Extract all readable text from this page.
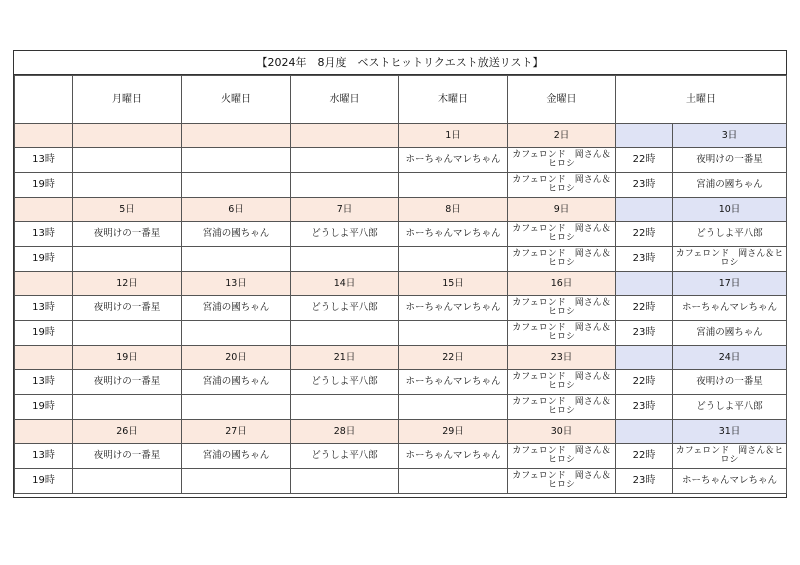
【2024年　8月度　ベストヒットリクエスト放送リスト】
	月曜日	火曜日	水曜日	木曜日	金曜日	土曜日	
				1日	2日		3日
13時				ホーちゃんマレちゃん	カフェロンド　岡さん＆ヒロシ	22時	夜明けの一番星
19時					カフェロンド　岡さん＆ヒロシ	23時	宮浦の國ちゃん
	5日	6日	7日	8日	9日		10日
13時	夜明けの一番星	宮浦の國ちゃん	どうしよ平八郎	ホーちゃんマレちゃん	カフェロンド　岡さん＆ヒロシ	22時	どうしよ平八郎
19時					カフェロンド　岡さん＆ヒロシ	23時	カフェロンド　岡さん＆ヒロシ
	12日	13日	14日	15日	16日		17日
13時	夜明けの一番星	宮浦の國ちゃん	どうしよ平八郎	ホーちゃんマレちゃん	カフェロンド　岡さん＆ヒロシ	22時	ホーちゃんマレちゃん
19時					カフェロンド　岡さん＆ヒロシ	23時	宮浦の國ちゃん
	19日	20日	21日	22日	23日		24日
13時	夜明けの一番星	宮浦の國ちゃん	どうしよ平八郎	ホーちゃんマレちゃん	カフェロンド　岡さん＆ヒロシ	22時	夜明けの一番星
19時					カフェロンド　岡さん＆ヒロシ	23時	どうしよ平八郎
	26日	27日	28日	29日	30日		31日
13時	夜明けの一番星	宮浦の國ちゃん	どうしよ平八郎	ホーちゃんマレちゃん	カフェロンド　岡さん＆ヒロシ	22時	カフェロンド　岡さん＆ヒロシ
19時					カフェロンド　岡さん＆ヒロシ	23時	ホーちゃんマレちゃん
